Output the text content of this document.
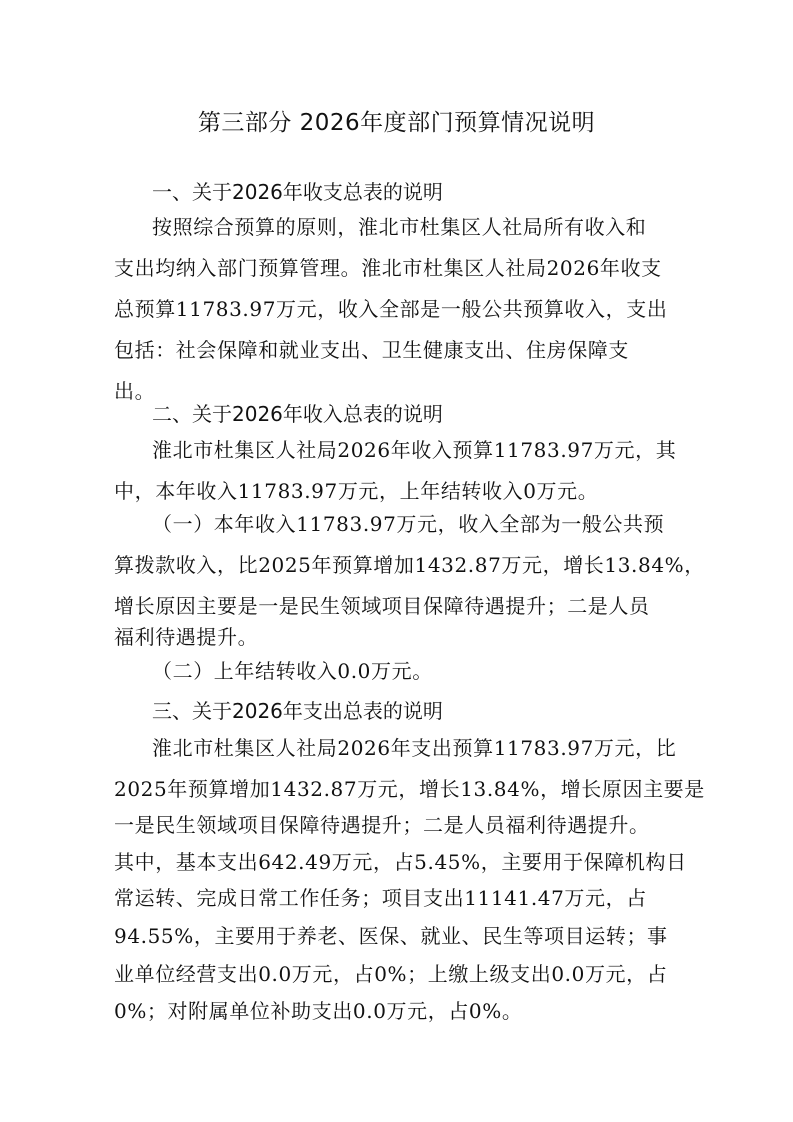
第三部分 2026年度部门预算情况说明
一、关于2026年收支总表的说明
按照综合预算的原则，淮北市杜集区人社局所有收入和
支出均纳入部门预算管理。淮北市杜集区人社局2026年收支
总预算11783.97万元，收入全部是一般公共预算收入，支出
包括：社会保障和就业支出、卫生健康支出、住房保障支
出。
二、关于2026年收入总表的说明
淮北市杜集区人社局2026年收入预算11783.97万元，其
中，本年收入11783.97万元，上年结转收入0万元。
（一）本年收入11783.97万元，收入全部为一般公共预
算拨款收入，比2025年预算增加1432.87万元，增长13.84%，
增长原因主要是一是民生领域项目保障待遇提升；二是人员
福利待遇提升。
（二）上年结转收入0.0万元。
三、关于2026年支出总表的说明
淮北市杜集区人社局2026年支出预算11783.97万元，比
2025年预算增加1432.87万元，增长13.84%，增长原因主要是
一是民生领域项目保障待遇提升；二是人员福利待遇提升。
其中，基本支出642.49万元，占5.45%，主要用于保障机构日
常运转、完成日常工作任务；项目支出11141.47万元，占
94.55%，主要用于养老、医保、就业、民生等项目运转；事
业单位经营支出0.0万元，占0%；上缴上级支出0.0万元，占
0%；对附属单位补助支出0.0万元，占0%。
